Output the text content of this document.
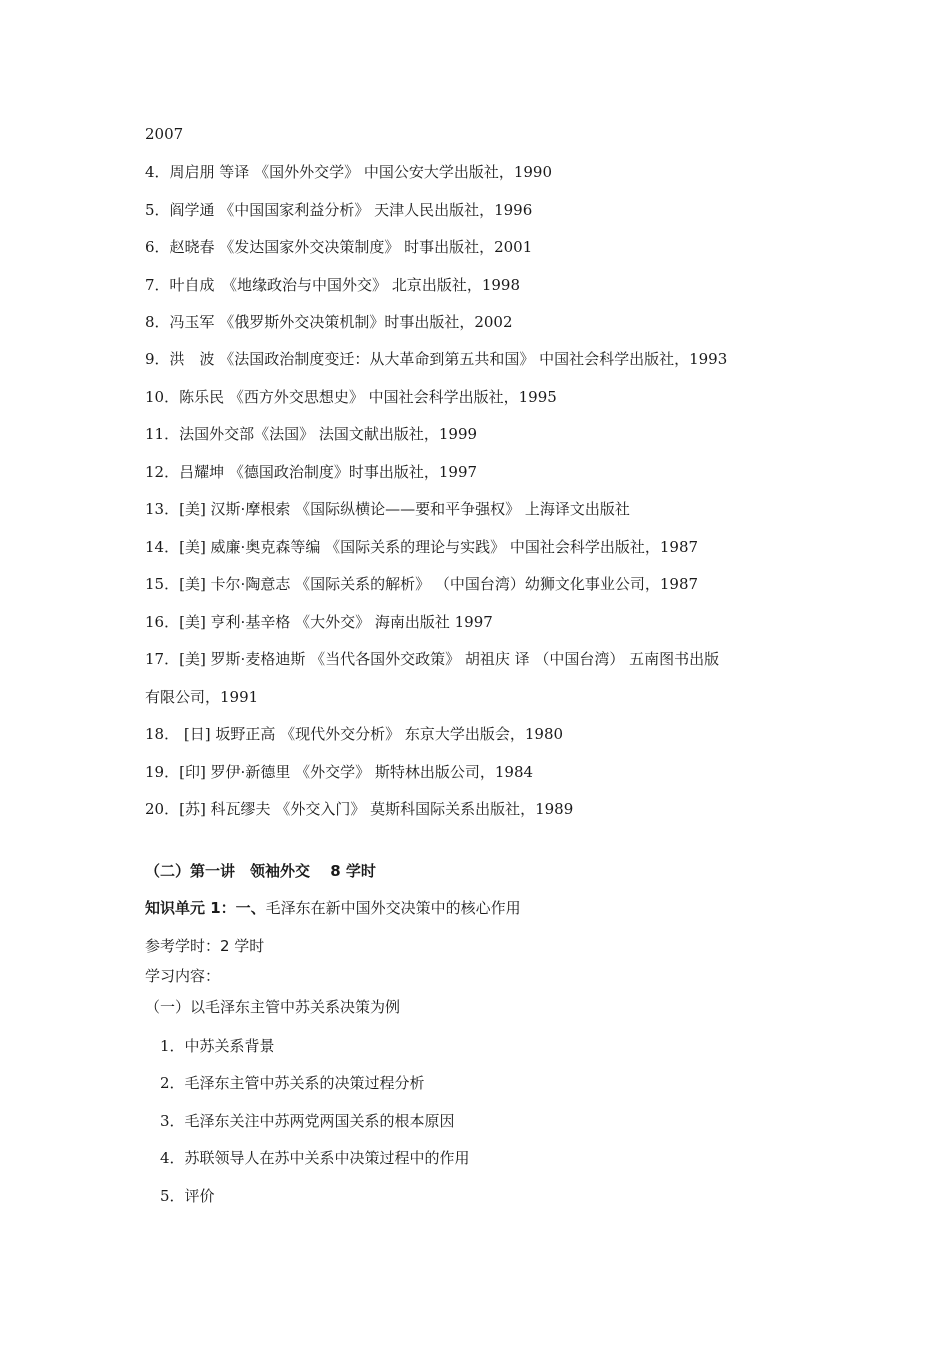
2007
4．周启朋 等译 《国外外交学》 中国公安大学出版社，1990
5．阎学通 《中国国家利益分析》 天津人民出版社，1996
6．赵晓春 《发达国家外交决策制度》 时事出版社，2001
7．叶自成　《地缘政治与中国外交》 北京出版社，1998
8．冯玉军 《俄罗斯外交决策机制》时事出版社，2002
9．洪　波 《法国政治制度变迁：从大革命到第五共和国》 中国社会科学出版社，1993
10．陈乐民 《西方外交思想史》 中国社会科学出版社，1995
11．法国外交部《法国》 法国文献出版社，1999
12．吕耀坤 《德国政治制度》时事出版社，1997
13．[美] 汉斯·摩根索 《国际纵横论——要和平争强权》 上海译文出版社
14．[美] 威廉·奥克森等编 《国际关系的理论与实践》 中国社会科学出版社，1987
15．[美] 卡尔·陶意志 《国际关系的解析》 （中国台湾）幼狮文化事业公司，1987
16．[美] 亨利·基辛格 《大外交》 海南出版社 1997
17．[美] 罗斯·麦格迪斯 《当代各国外交政策》 胡祖庆 译 （中国台湾） 五南图书出版
有限公司，1991
18． [日] 坂野正高 《现代外交分析》 东京大学出版会，1980
19．[印] 罗伊·新德里 《外交学》 斯特林出版公司，1984
20．[苏] 科瓦缪夫 《外交入门》 莫斯科国际关系出版社，1989
（二）第一讲　领袖外交　 8 学时
知识单元 1：一、毛泽东在新中国外交决策中的核心作用
参考学时：2 学时
学习内容：
（一）以毛泽东主管中苏关系决策为例
1．中苏关系背景
2．毛泽东主管中苏关系的决策过程分析
3．毛泽东关注中苏两党两国关系的根本原因
4．苏联领导人在苏中关系中决策过程中的作用
5．评价
